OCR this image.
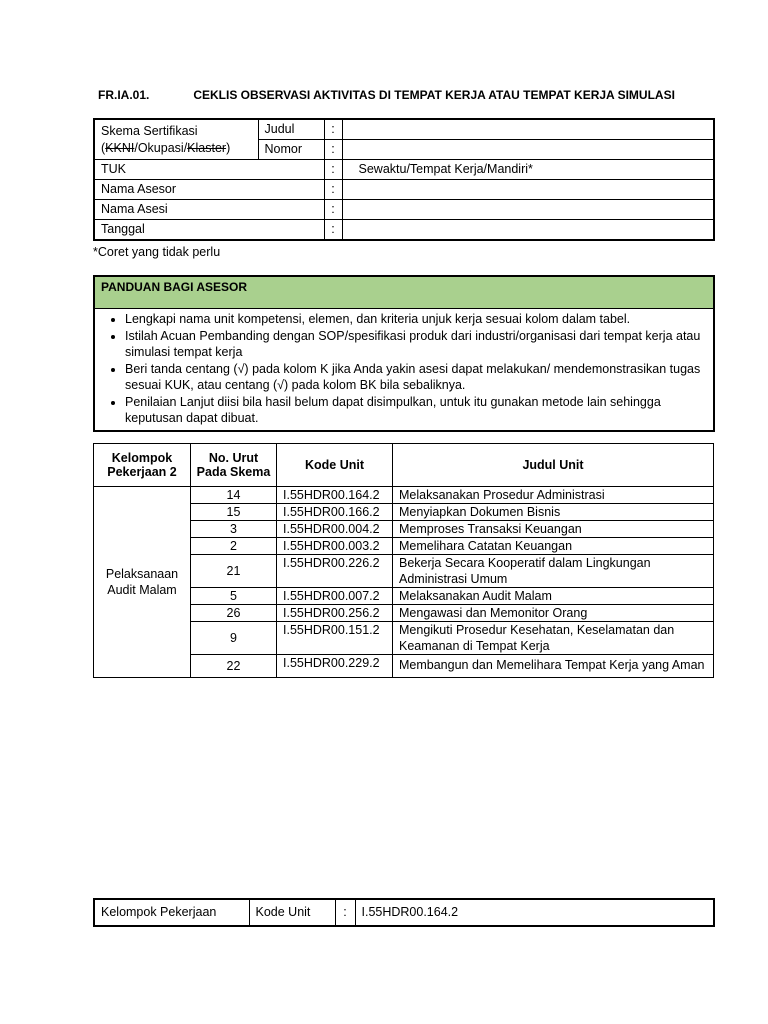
FR.IA.01.	CEKLIS OBSERVASI AKTIVITAS DI TEMPAT KERJA ATAU TEMPAT KERJA SIMULASI
Skema Sertifikasi
(KKNI/Okupasi/Klaster)	Judul	:	
	Nomor	:	
TUK		:	Sewaktu/Tempat Kerja/Mandiri*
Nama Asesor		:	
Nama Asesi		:	
Tanggal		:	
*Coret yang tidak perlu
PANDUAN BAGI ASESOR
• Lengkapi nama unit kompetensi, elemen, dan kriteria unjuk kerja sesuai kolom dalam tabel.
• Istilah Acuan Pembanding dengan SOP/spesifikasi produk dari industri/organisasi dari tempat kerja atau simulasi tempat kerja
• Beri tanda centang (√) pada kolom K jika Anda yakin asesi dapat melakukan/ mendemonstrasikan tugas sesuai KUK, atau centang (√) pada kolom BK bila sebaliknya.
• Penilaian Lanjut diisi bila hasil belum dapat disimpulkan, untuk itu gunakan metode lain sehingga keputusan dapat dibuat.
Kelompok Pekerjaan 2	No. Urut Pada Skema	Kode Unit	Judul Unit
Pelaksanaan Audit Malam	14	I.55HDR00.164.2	Melaksanakan Prosedur Administrasi
	15	I.55HDR00.166.2	Menyiapkan Dokumen Bisnis
	3	I.55HDR00.004.2	Memproses Transaksi Keuangan
	2	I.55HDR00.003.2	Memelihara Catatan Keuangan
	21	I.55HDR00.226.2	Bekerja Secara Kooperatif dalam Lingkungan Administrasi Umum
	5	I.55HDR00.007.2	Melaksanakan Audit Malam
	26	I.55HDR00.256.2	Mengawasi dan Memonitor Orang
	9	I.55HDR00.151.2	Mengikuti Prosedur Kesehatan, Keselamatan dan Keamanan di Tempat Kerja
	22	I.55HDR00.229.2	Membangun dan Memelihara Tempat Kerja yang Aman
Kelompok Pekerjaan	Kode Unit	:	I.55HDR00.164.2
